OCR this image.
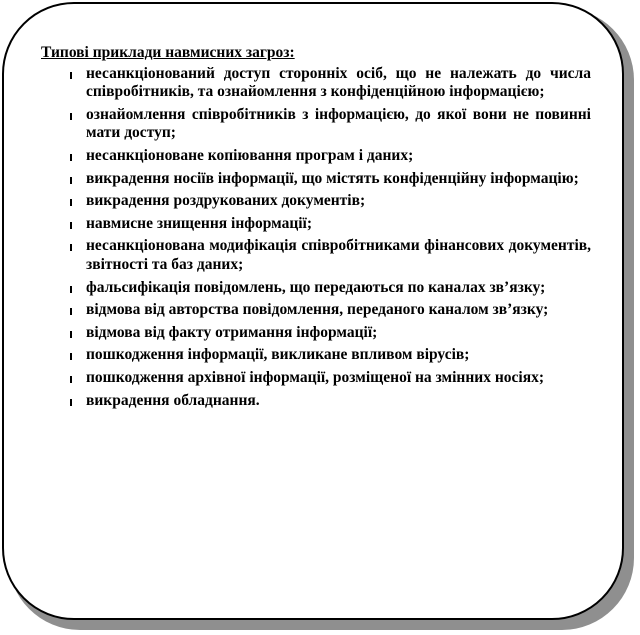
Типові приклади навмисних загроз:
несанкціонований доступ сторонніх осіб, що не належать до числа співробітників, та ознайомлення з конфіденційною інформацією;
ознайомлення співробітників з інформацією, до якої вони не повинні мати доступ;
несанкціоноване копіювання програм і даних;
викрадення носіїв інформації, що містять конфіденційну інформацію;
викрадення роздрукованих документів;
навмисне знищення інформації;
несанкціонована модифікація співробітниками фінансових документів, звітності та баз даних;
фальсифікація повідомлень, що передаються по каналах зв’язку;
відмова від авторства повідомлення, переданого каналом зв’язку;
відмова від факту отримання інформації;
пошкодження інформації, викликане впливом вірусів;
пошкодження архівної інформації, розміщеної на змінних носіях;
викрадення обладнання.
